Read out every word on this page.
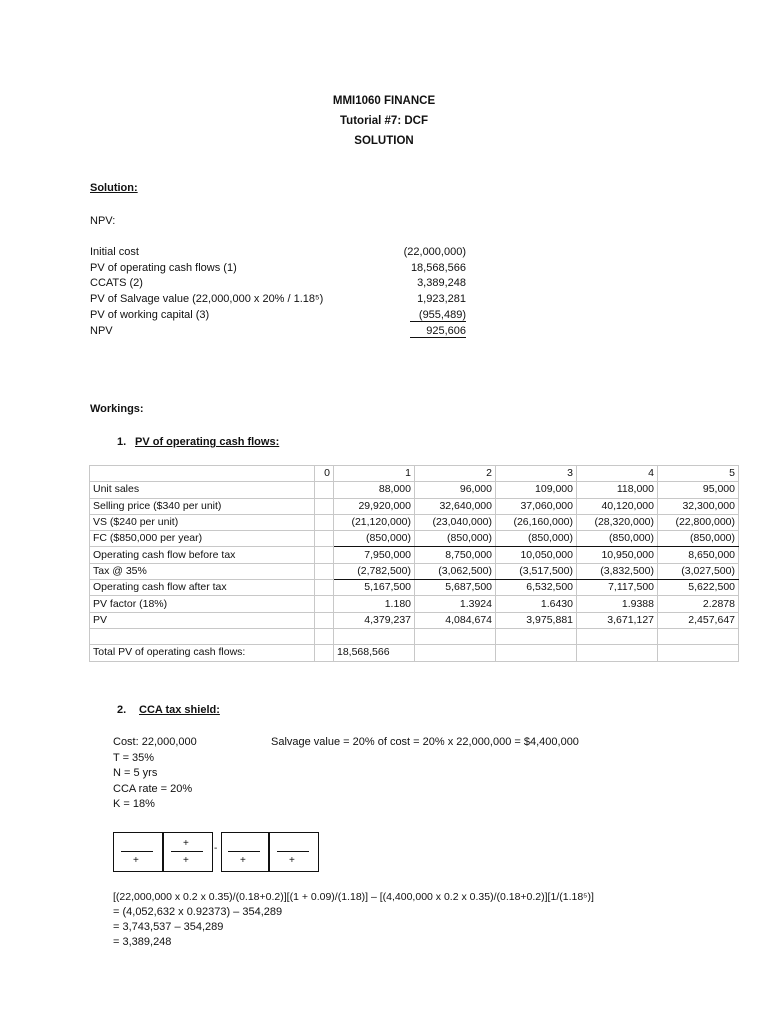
MMI1060 FINANCE
Tutorial #7: DCF
SOLUTION
Solution:
NPV:
Initial cost	(22,000,000)
PV of operating cash flows (1)	18,568,566
CCATS (2)	3,389,248
PV of Salvage value (22,000,000 x 20% / 1.18⁵)	1,923,281
PV of working capital (3)	(955,489)
NPV	925,606
Workings:
1. PV of operating cash flows:
	0	1	2	3	4	5
Unit sales		88,000	96,000	109,000	118,000	95,000
Selling price ($340 per unit)		29,920,000	32,640,000	37,060,000	40,120,000	32,300,000
VS ($240 per unit)		(21,120,000)	(23,040,000)	(26,160,000)	(28,320,000)	(22,800,000)
FC ($850,000 per year)		(850,000)	(850,000)	(850,000)	(850,000)	(850,000)
Operating cash flow before tax		7,950,000	8,750,000	10,050,000	10,950,000	8,650,000
Tax @ 35%		(2,782,500)	(3,062,500)	(3,517,500)	(3,832,500)	(3,027,500)
Operating cash flow after tax		5,167,500	5,687,500	6,532,500	7,117,500	5,622,500
PV factor (18%)		1.180	1.3924	1.6430	1.9388	2.2878
PV		4,379,237	4,084,674	3,975,881	3,671,127	2,457,647

Total PV of operating cash flows:		18,568,566				
2. CCA tax shield:
Cost: 22,000,000
T = 35%
N = 5 yrs
CCA rate = 20%
K = 18%
Salvage value = 20% of cost = 20% x 22,000,000 = $4,400,000
+
+
+
-
+	+
[(22,000,000 x 0.2 x 0.35)/(0.18+0.2)][(1 + 0.09)/(1.18)] – [(4,400,000 x 0.2 x 0.35)/(0.18+0.2)][1/(1.18⁵)]
= (4,052,632 x 0.92373) – 354,289
= 3,743,537 – 354,289
= 3,389,248
